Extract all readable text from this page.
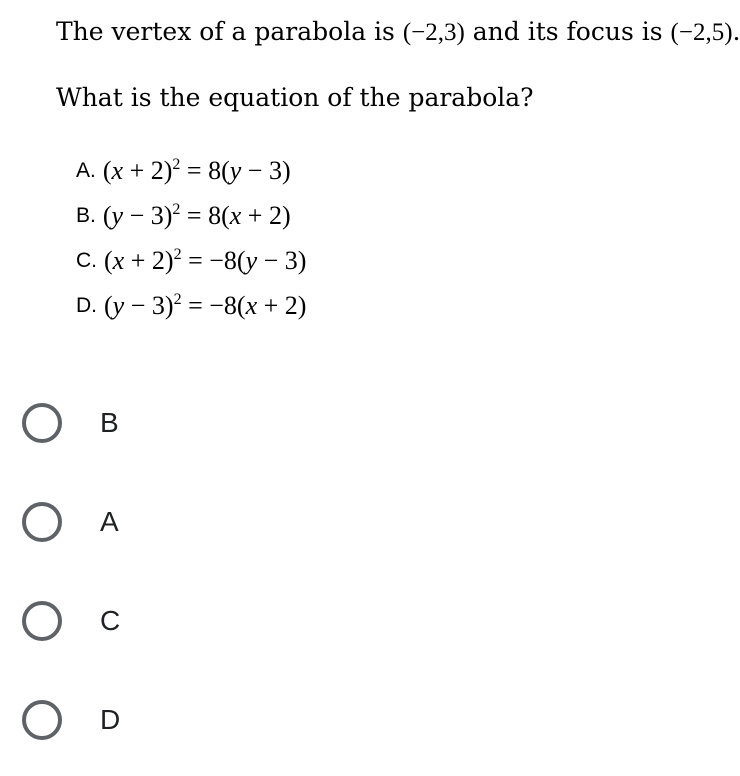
The vertex of a parabola is (−2,3) and its focus is (−2,5).
What is the equation of the parabola?
A. $(x + 2)^2 = 8(y - 3)$
B. $(y - 3)^2 = 8(x + 2)$
C. $(x + 2)^2 = -8(y - 3)$
D. $(y - 3)^2 = -8(x + 2)$
B
A
C
D
